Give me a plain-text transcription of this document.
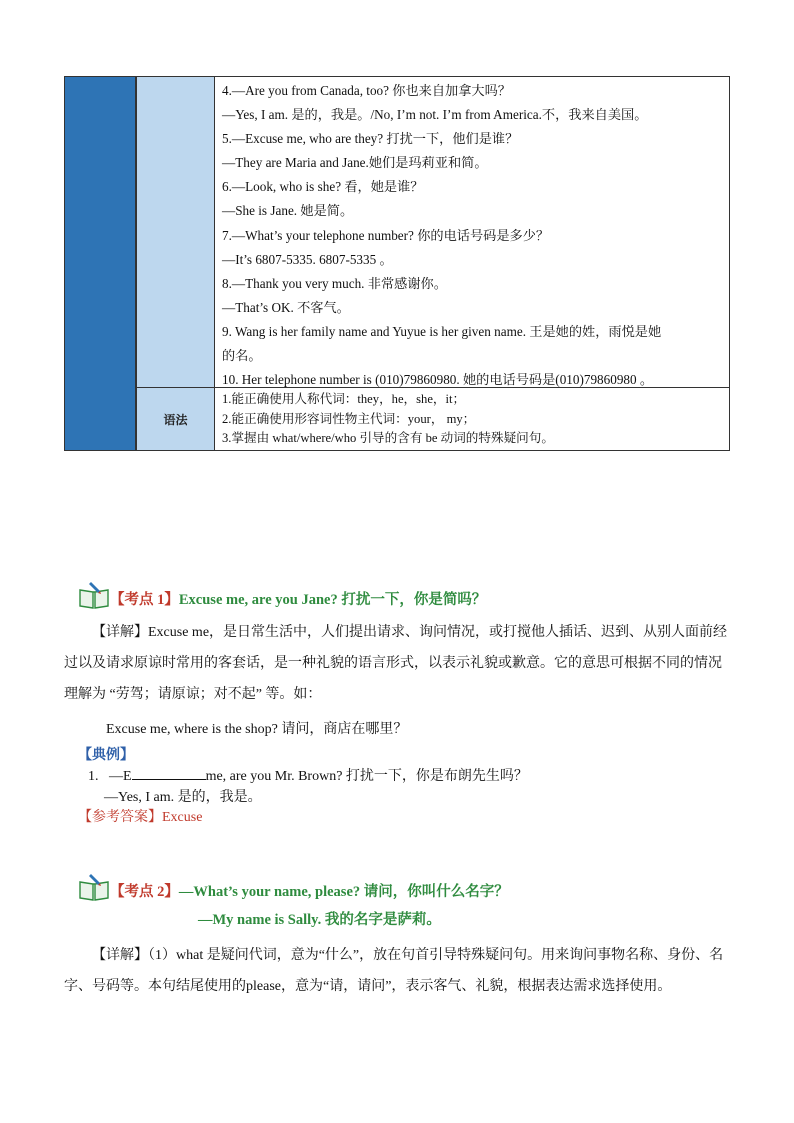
4.—Are you from Canada, too? 你也来自加拿大吗？
—Yes, I am. 是的，我是。/No, I’m not. I’m from America.不，我来自美国。
5.—Excuse me, who are they? 打扰一下，他们是谁？
—They are Maria and Jane.她们是玛莉亚和简。
6.—Look, who is she? 看，她是谁？
—She is Jane. 她是简。
7.—What’s your telephone number? 你的电话号码是多少？
—It’s 6807-5335. 6807-5335 。
8.—Thank you very much. 非常感谢你。
—That’s OK. 不客气。
9. Wang is her family name and Yuyue is her given name. 王是她的姓，雨悦是她
的名。
10. Her telephone number is (010)79860980. 她的电话号码是(010)79860980 。
语法
1.能正确使用人称代词：they，he，she，it；
2.能正确使用形容词性物主代词：your， my；
3.掌握由 what/where/who 引导的含有 be 动词的特殊疑问句。
【考点 1】Excuse me, are you Jane? 打扰一下，你是简吗？
【详解】Excuse me，是日常生活中，人们提出请求、询问情况，或打搅他人插话、迟到、从别人面前经过以及请求原谅时常用的客套话，是一种礼貌的语言形式，以表示礼貌或歉意。它的意思可根据不同的情况理解为 “劳驾；请原谅；对不起” 等。如：
Excuse me, where is the shop? 请问，商店在哪里？
【典例】
1. —E	me, are you Mr. Brown? 打扰一下，你是布朗先生吗？
—Yes, I am. 是的，我是。
【参考答案】Excuse
【考点 2】—What’s your name, please? 请问，你叫什么名字？
—My name is Sally. 我的名字是萨莉。
【详解】（1）what 是疑问代词，意为“什么”，放在句首引导特殊疑问句。用来询问事物名称、身份、名字、号码等。本句结尾使用的please，意为“请，请问”，表示客气、礼貌，根据表达需求选择使用。
